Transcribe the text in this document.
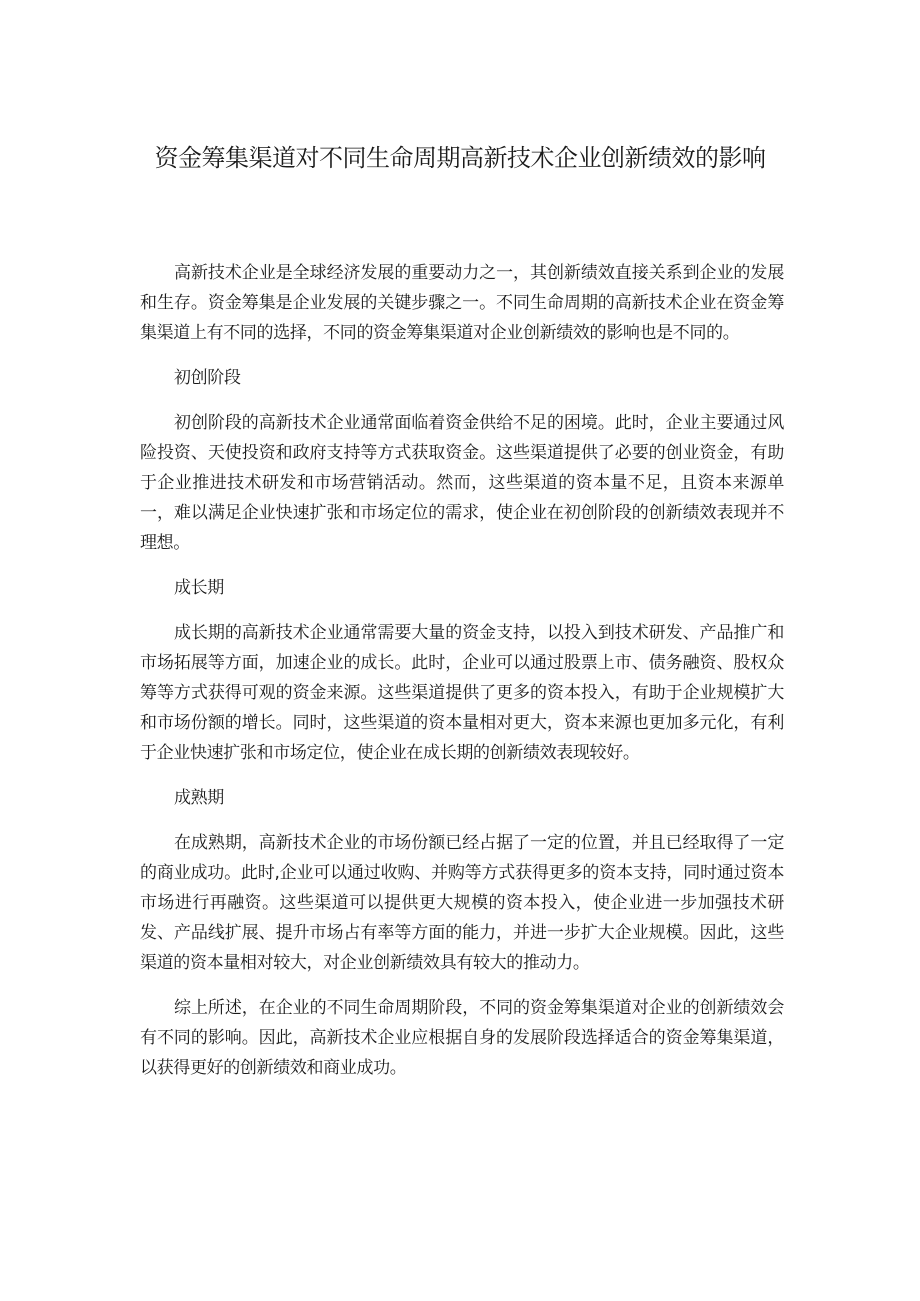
资金筹集渠道对不同生命周期高新技术企业创新绩效的影响

高新技术企业是全球经济发展的重要动力之一，其创新绩效直接关系到企业的发展和生存。资金筹集是企业发展的关键步骤之一。不同生命周期的高新技术企业在资金筹集渠道上有不同的选择，不同的资金筹集渠道对企业创新绩效的影响也是不同的。

初创阶段

初创阶段的高新技术企业通常面临着资金供给不足的困境。此时，企业主要通过风险投资、天使投资和政府支持等方式获取资金。这些渠道提供了必要的创业资金，有助于企业推进技术研发和市场营销活动。然而，这些渠道的资本量不足，且资本来源单一，难以满足企业快速扩张和市场定位的需求，使企业在初创阶段的创新绩效表现并不理想。

成长期

成长期的高新技术企业通常需要大量的资金支持，以投入到技术研发、产品推广和市场拓展等方面，加速企业的成长。此时，企业可以通过股票上市、债务融资、股权众筹等方式获得可观的资金来源。这些渠道提供了更多的资本投入，有助于企业规模扩大和市场份额的增长。同时，这些渠道的资本量相对更大，资本来源也更加多元化，有利于企业快速扩张和市场定位，使企业在成长期的创新绩效表现较好。

成熟期

在成熟期，高新技术企业的市场份额已经占据了一定的位置，并且已经取得了一定的商业成功。此时,企业可以通过收购、并购等方式获得更多的资本支持，同时通过资本市场进行再融资。这些渠道可以提供更大规模的资本投入，使企业进一步加强技术研发、产品线扩展、提升市场占有率等方面的能力，并进一步扩大企业规模。因此，这些渠道的资本量相对较大，对企业创新绩效具有较大的推动力。

综上所述，在企业的不同生命周期阶段，不同的资金筹集渠道对企业的创新绩效会有不同的影响。因此，高新技术企业应根据自身的发展阶段选择适合的资金筹集渠道，以获得更好的创新绩效和商业成功。
